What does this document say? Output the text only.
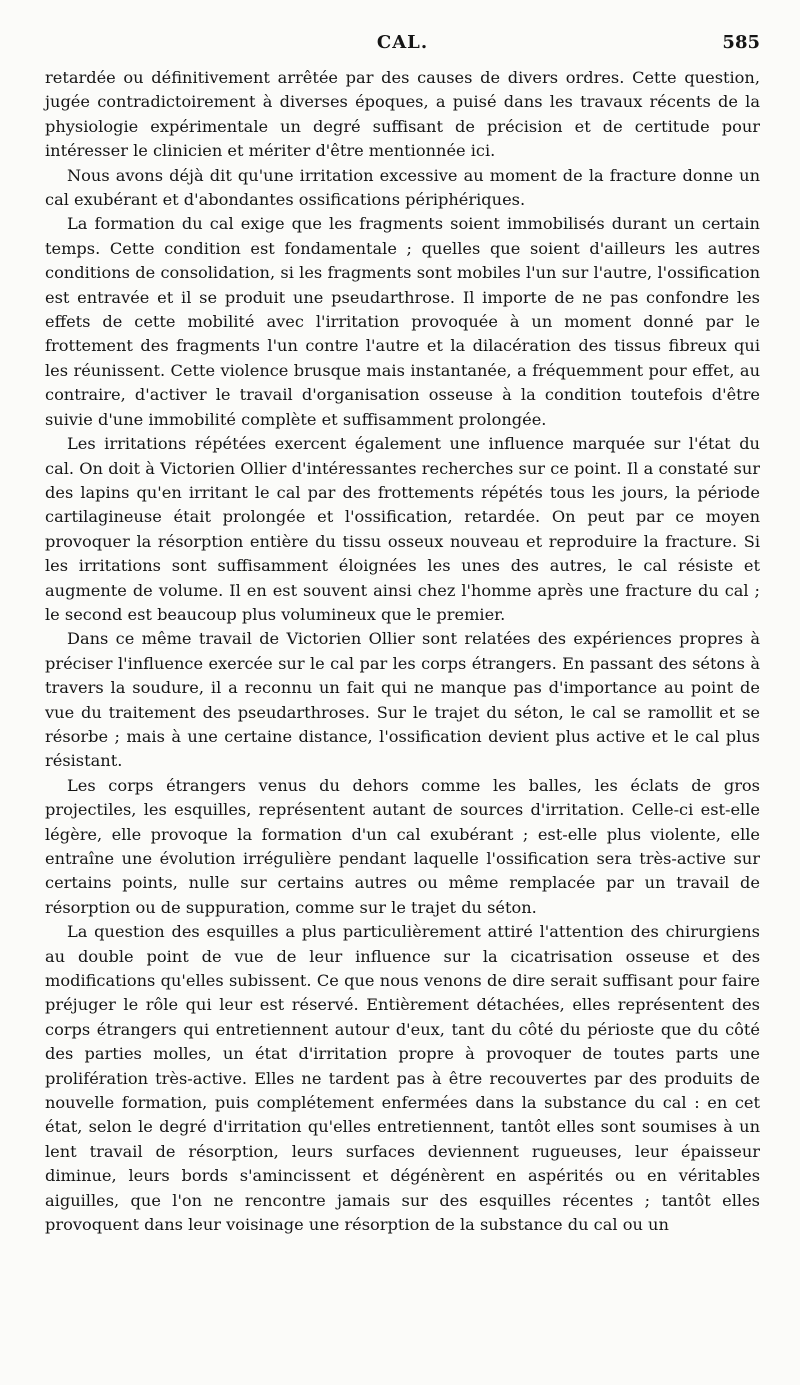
CAL.	585

retardée ou définitivement arrêtée par des causes de divers ordres. Cette question, jugée contradictoirement à diverses époques, a puisé dans les travaux récents de la physiologie expérimentale un degré suffisant de précision et de certitude pour intéresser le clinicien et mériter d'être mentionnée ici.

Nous avons déjà dit qu'une irritation excessive au moment de la fracture donne un cal exubérant et d'abondantes ossifications périphériques.

La formation du cal exige que les fragments soient immobilisés durant un certain temps. Cette condition est fondamentale ; quelles que soient d'ailleurs les autres conditions de consolidation, si les fragments sont mobiles l'un sur l'autre, l'ossification est entravée et il se produit une pseudarthrose. Il importe de ne pas confondre les effets de cette mobilité avec l'irritation provoquée à un moment donné par le frottement des fragments l'un contre l'autre et la dilacération des tissus fibreux qui les réunissent. Cette violence brusque mais instantanée, a fréquemment pour effet, au contraire, d'activer le travail d'organisation osseuse à la condition toutefois d'être suivie d'une immobilité complète et suffisamment prolongée.

Les irritations répétées exercent également une influence marquée sur l'état du cal. On doit à Victorien Ollier d'intéressantes recherches sur ce point. Il a constaté sur des lapins qu'en irritant le cal par des frottements répétés tous les jours, la période cartilagineuse était prolongée et l'ossification, retardée. On peut par ce moyen provoquer la résorption entière du tissu osseux nouveau et reproduire la fracture. Si les irritations sont suffisamment éloignées les unes des autres, le cal résiste et augmente de volume. Il en est souvent ainsi chez l'homme après une fracture du cal ; le second est beaucoup plus volumineux que le premier.

Dans ce même travail de Victorien Ollier sont relatées des expériences propres à préciser l'influence exercée sur le cal par les corps étrangers. En passant des sétons à travers la soudure, il a reconnu un fait qui ne manque pas d'importance au point de vue du traitement des pseudarthroses. Sur le trajet du séton, le cal se ramollit et se résorbe ; mais à une certaine distance, l'ossification devient plus active et le cal plus résistant.

Les corps étrangers venus du dehors comme les balles, les éclats de gros projectiles, les esquilles, représentent autant de sources d'irritation. Celle-ci est-elle légère, elle provoque la formation d'un cal exubérant ; est-elle plus violente, elle entraîne une évolution irrégulière pendant laquelle l'ossification sera très-active sur certains points, nulle sur certains autres ou même remplacée par un travail de résorption ou de suppuration, comme sur le trajet du séton.

La question des esquilles a plus particulièrement attiré l'attention des chirurgiens au double point de vue de leur influence sur la cicatrisation osseuse et des modifications qu'elles subissent. Ce que nous venons de dire serait suffisant pour faire préjuger le rôle qui leur est réservé. Entièrement détachées, elles représentent des corps étrangers qui entretiennent autour d'eux, tant du côté du périoste que du côté des parties molles, un état d'irritation propre à provoquer de toutes parts une prolifération très-active. Elles ne tardent pas à être recouvertes par des produits de nouvelle formation, puis complétement enfermées dans la substance du cal : en cet état, selon le degré d'irritation qu'elles entretiennent, tantôt elles sont soumises à un lent travail de résorption, leurs surfaces deviennent rugueuses, leur épaisseur diminue, leurs bords s'amincissent et dégénèrent en aspérités ou en véritables aiguilles, que l'on ne rencontre jamais sur des esquilles récentes ; tantôt elles provoquent dans leur voisinage une résorption de la substance du cal ou un
